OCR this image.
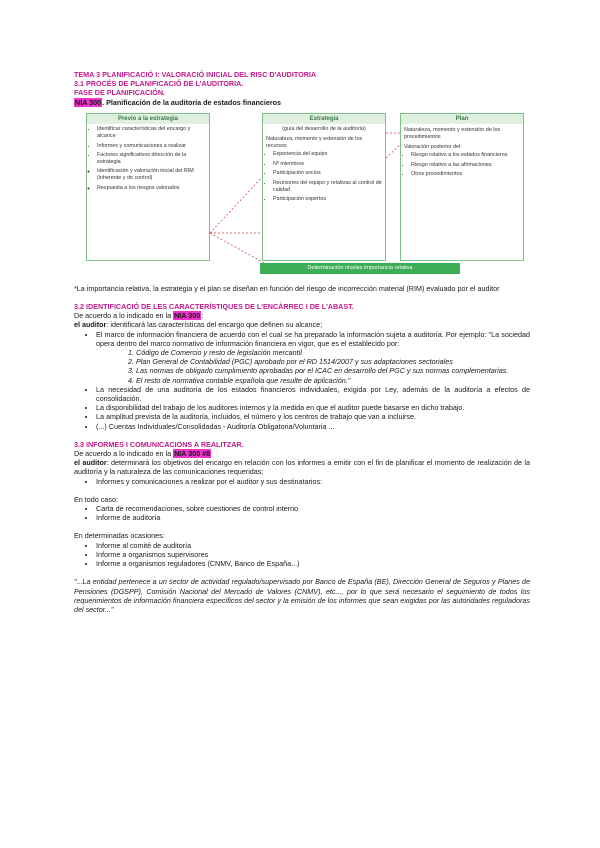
TEMA 3 PLANIFICACIÓ I: VALORACIÓ INICIAL DEL RISC D'AUDITORIA

3.1 PROCÉS DE PLANIFICACIÓ DE L'AUDITORIA.

FASE DE PLANIFICACIÓN.

NIA 300. Planificación de la auditoría de estados financieros

Previo a la estrategia
• Identificar características del encargo y alcance
• Informes y comunicaciones a realizar
• Factores significativos dirección de la estrategia
◦ Identificación y valoración inicial del RIM (inherente y de control)
◦ Respuesta a los riesgos valorados
Estrategia

(guía del desarrollo de la auditoría)

Naturaleza, momento y extensión de los recursos

• Experiencia del equipo
• Nº miembros
• Participación socios
• Reuniones del equipo y relativas al control de calidad
• Participación expertos
Plan

Naturaleza, momento y extensión de los procedimientos

Valoración posterior del:

• Riesgo relativo a los estados financieros
• Riesgo relativo a las afirmaciones
• Otros procedimientos
Determinación niveles importancia relativa

*La importancia relativa, la estrategia y el plan se diseñan en función del riesgo de incorrección material (RIM) evaluado por el auditor

3.2 IDENTIFICACIÓ DE LES CARACTERÍSTIQUES DE L'ENCÀRREC I DE L'ABAST.

De acuerdo a lo indicado en la NIA 300:

el auditor: identificará las características del encargo que definen su alcance;

• El marco de información financiera de acuerdo con el cual se ha preparado la información sujeta a auditoría. Por ejemplo: "La sociedad opera dentro del marco normativo de información financiera en vigor, que es el establecido por:
1. Código de Comercio y resto de legislación mercantil
2. Plan General de Contabilidad (PGC) aprobado por el RD 1514/2007 y sus adaptaciones sectoriales
3. Las normas de obligado cumplimiento aprobadas por el ICAC en desarrollo del PGC y sus normas complementarias.
4. El resto de normativa contable española que resulte de aplicación."
• La necesidad de una auditoría de los estados financieros individuales, exigida por Ley, además de la auditoría a efectos de consolidación.
• La disponibilidad del trabajo de los auditores internos y la medida en que el auditor puede basarse en dicho trabajo.
• La amplitud prevista de la auditoría, incluidos, el número y los centros de trabajo que van a incluirse.
• (...) Cuentas Individuales/Consolidadas - Auditoría Obligatoria/Voluntaria ...

3.3 INFORMES I COMUNICACIONS A REALITZAR.

De acuerdo a lo indicado en la NIA 300 #8

el auditor: determinará los objetivos del encargo en relación con los informes a emitir con el fin de planificar el momento de realización de la auditoría y la naturaleza de las comunicaciones requeridas;

• Informes y comunicaciones a realizar por el auditor y sus destinatarios:

En todo caso:

• Carta de recomendaciones, sobre cuestiones de control interno
• Informe de auditoría

En determinadas ocasiones:

• Informe al comité de auditoría
• Informe a organismos supervisores
• Informe a organismos reguladores (CNMV, Banco de España...)

"...La entidad pertenece a un sector de actividad regulado/supervisado por Banco de España (BE), Dirección General de Seguros y Planes de Pensiones (DGSPP), Comisión Nacional del Mercado de Valores (CNMV), etc..., por lo que será necesario el seguimiento de todos los requerimientos de información financiera específicos del sector y la emisión de los informes que sean exigidas por las autoridades reguladoras del sector..."
